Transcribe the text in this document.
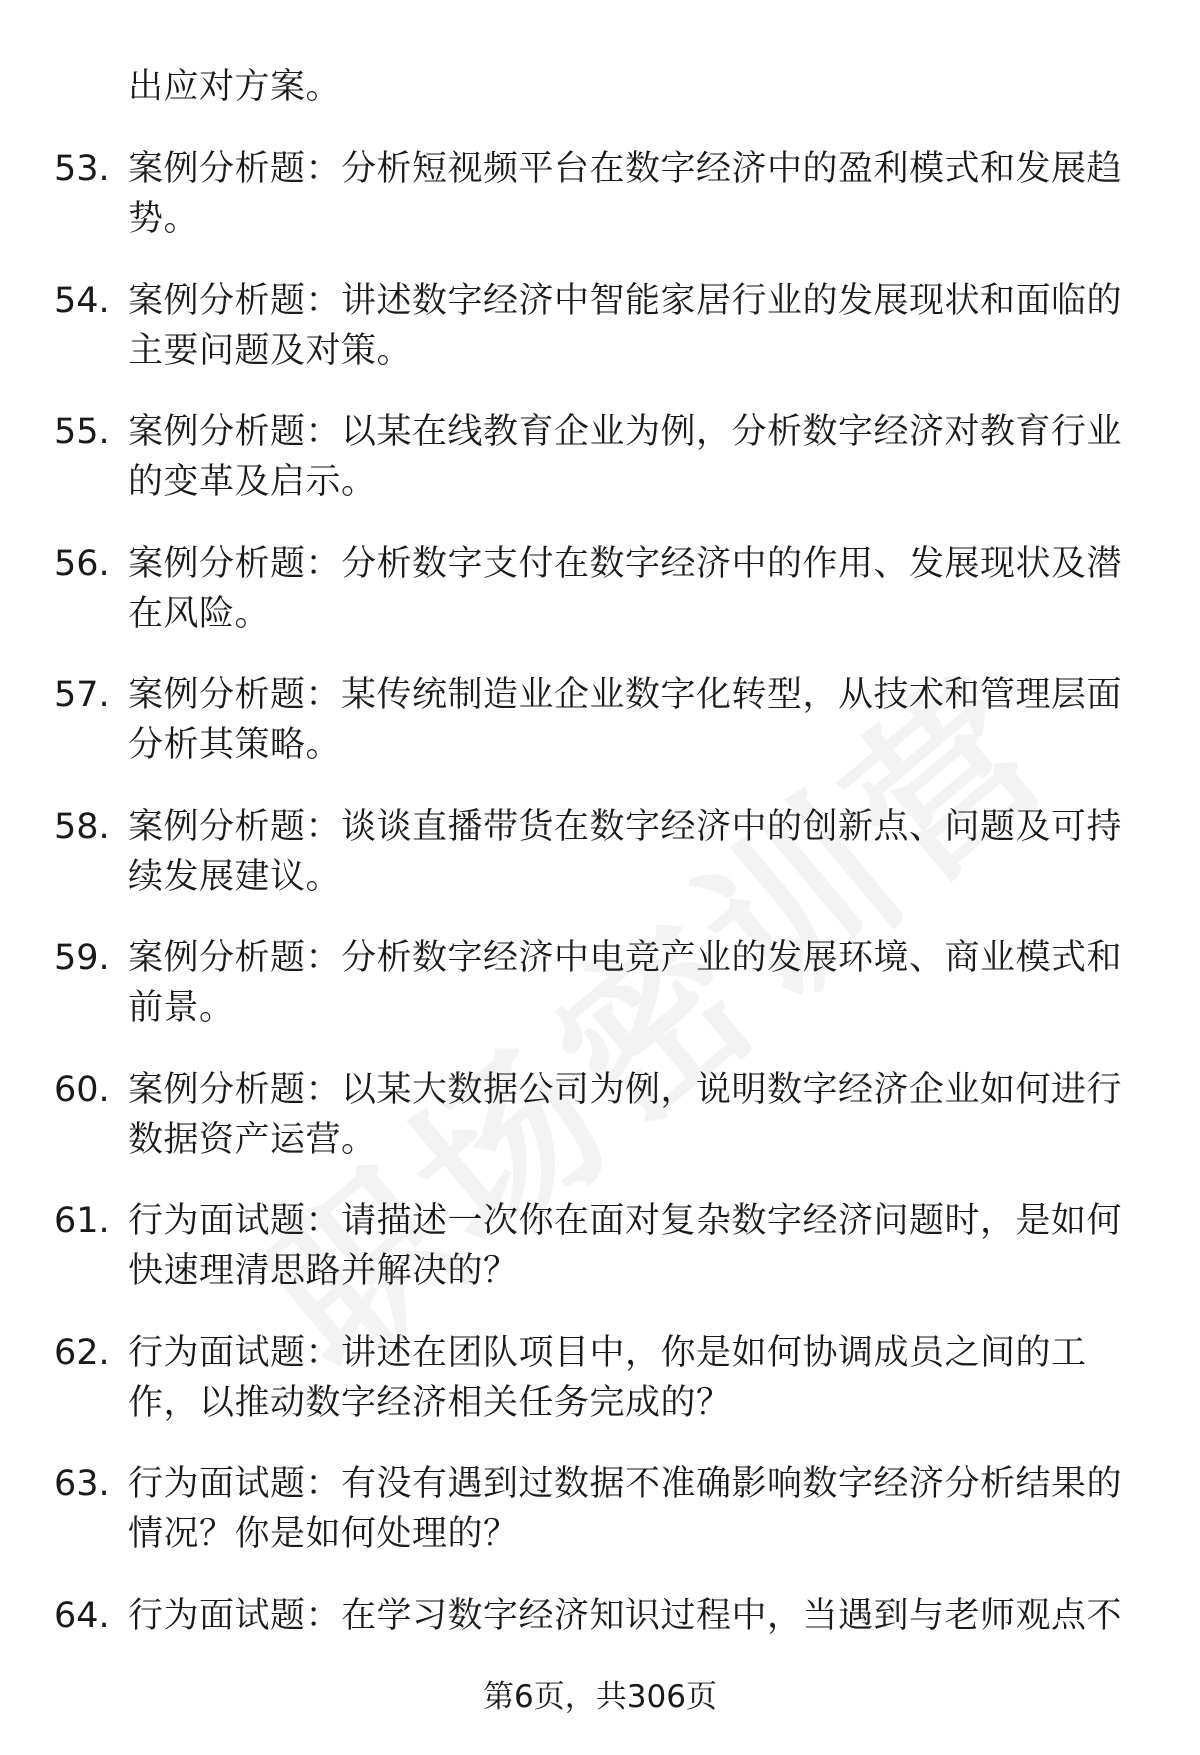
出应对方案。
53. 案例分析题：分析短视频平台在数字经济中的盈利模式和发展趋势。
54. 案例分析题：讲述数字经济中智能家居行业的发展现状和面临的主要问题及对策。
55. 案例分析题：以某在线教育企业为例，分析数字经济对教育行业的变革及启示。
56. 案例分析题：分析数字支付在数字经济中的作用、发展现状及潜在风险。
57. 案例分析题：某传统制造业企业数字化转型，从技术和管理层面分析其策略。
58. 案例分析题：谈谈直播带货在数字经济中的创新点、问题及可持续发展建议。
59. 案例分析题：分析数字经济中电竞产业的发展环境、商业模式和前景。
60. 案例分析题：以某大数据公司为例，说明数字经济企业如何进行数据资产运营。
61. 行为面试题：请描述一次你在面对复杂数字经济问题时，是如何快速理清思路并解决的？
62. 行为面试题：讲述在团队项目中，你是如何协调成员之间的工作，以推动数字经济相关任务完成的？
63. 行为面试题：有没有遇到过数据不准确影响数字经济分析结果的情况？你是如何处理的？
64. 行为面试题：在学习数字经济知识过程中，当遇到与老师观点不
第6页，共306页
